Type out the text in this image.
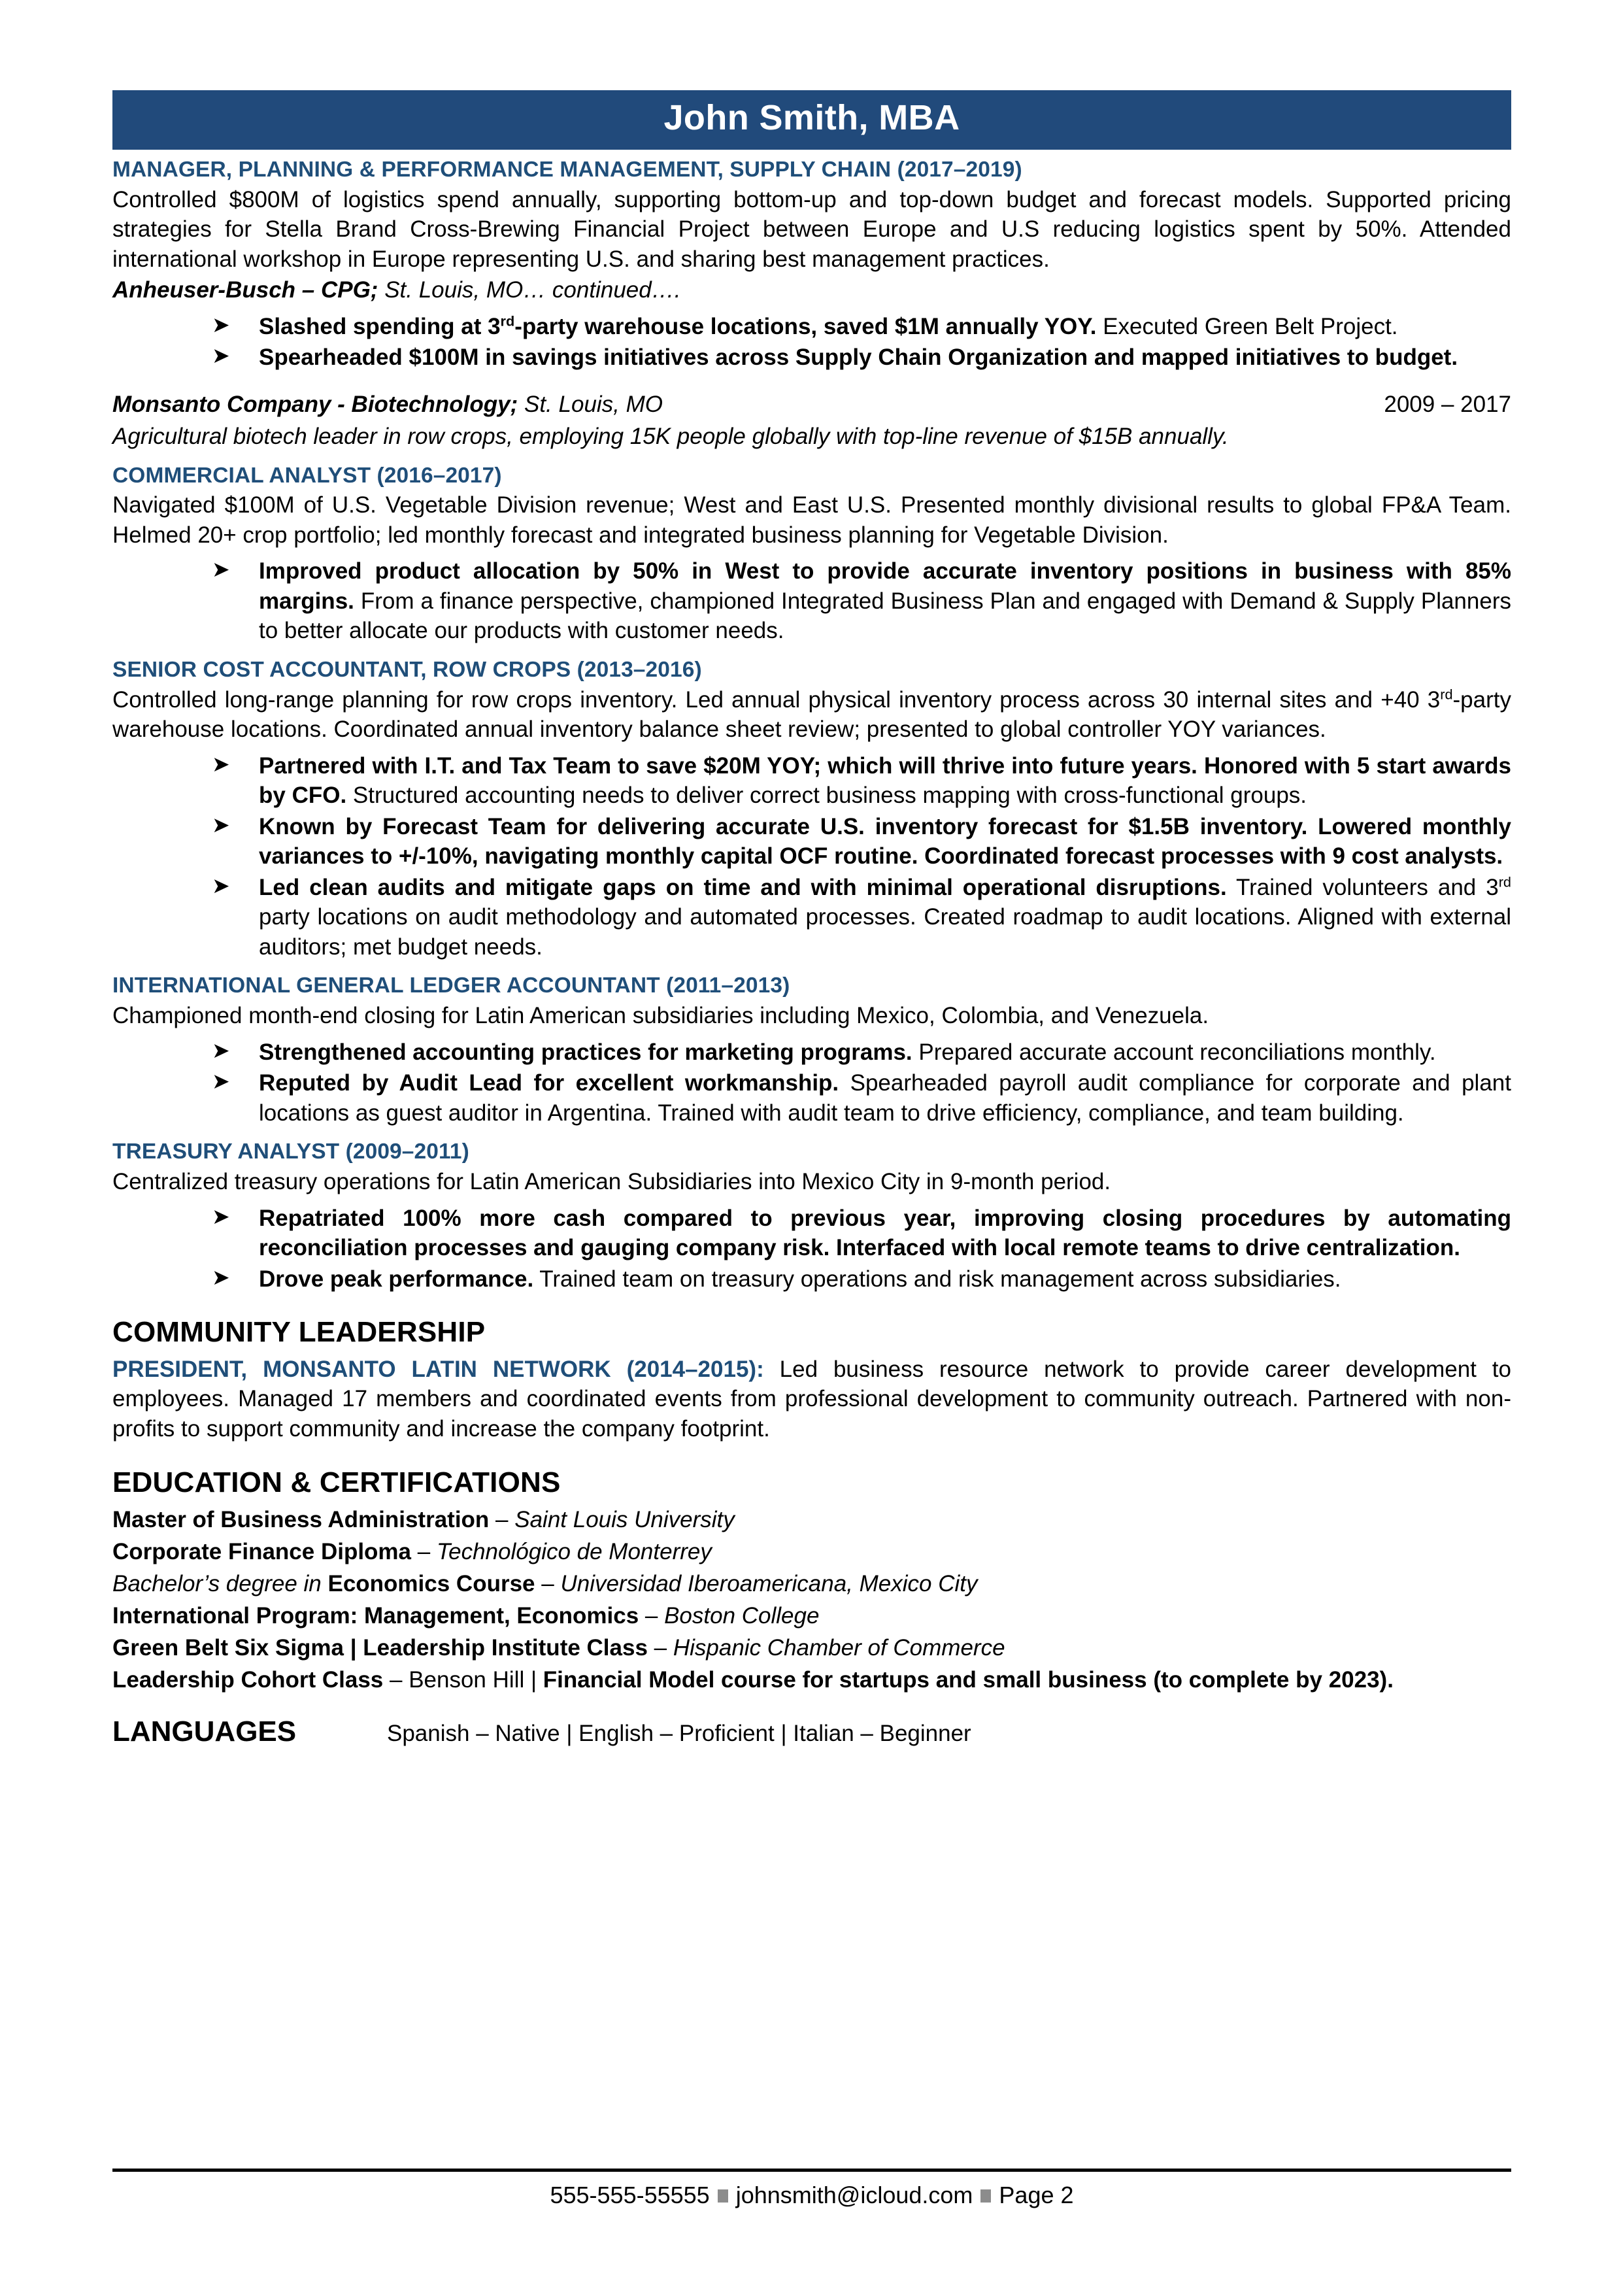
John Smith, MBA
MANAGER, PLANNING & PERFORMANCE MANAGEMENT, SUPPLY CHAIN (2017–2019)

Controlled $800M of logistics spend annually, supporting bottom-up and top-down budget and forecast models. Supported pricing strategies for Stella Brand Cross-Brewing Financial Project between Europe and U.S reducing logistics spent by 50%. Attended international workshop in Europe representing U.S. and sharing best management practices.

Anheuser-Busch – CPG; St. Louis, MO… continued….

➤ Slashed spending at 3rd-party warehouse locations, saved $1M annually YOY. Executed Green Belt Project.
➤ Spearheaded $100M in savings initiatives across Supply Chain Organization and mapped initiatives to budget.
Monsanto Company - Biotechnology; St. Louis, MO	2009 – 2017
Agricultural biotech leader in row crops, employing 15K people globally with top-line revenue of $15B annually.
COMMERCIAL ANALYST (2016–2017)

Navigated $100M of U.S. Vegetable Division revenue; West and East U.S. Presented monthly divisional results to global FP&A Team. Helmed 20+ crop portfolio; led monthly forecast and integrated business planning for Vegetable Division.

➤ Improved product allocation by 50% in West to provide accurate inventory positions in business with 85% margins. From a finance perspective, championed Integrated Business Plan and engaged with Demand & Supply Planners to better allocate our products with customer needs.
SENIOR COST ACCOUNTANT, ROW CROPS (2013–2016)

Controlled long-range planning for row crops inventory. Led annual physical inventory process across 30 internal sites and +40 3rd-party warehouse locations. Coordinated annual inventory balance sheet review; presented to global controller YOY variances.

➤ Partnered with I.T. and Tax Team to save $20M YOY; which will thrive into future years. Honored with 5 start awards by CFO. Structured accounting needs to deliver correct business mapping with cross-functional groups.
➤ Known by Forecast Team for delivering accurate U.S. inventory forecast for $1.5B inventory. Lowered monthly variances to +/-10%, navigating monthly capital OCF routine. Coordinated forecast processes with 9 cost analysts.
➤ Led clean audits and mitigate gaps on time and with minimal operational disruptions. Trained volunteers and 3rd party locations on audit methodology and automated processes. Created roadmap to audit locations. Aligned with external auditors; met budget needs.
INTERNATIONAL GENERAL LEDGER ACCOUNTANT (2011–2013)

Championed month-end closing for Latin American subsidiaries including Mexico, Colombia, and Venezuela.

➤ Strengthened accounting practices for marketing programs. Prepared accurate account reconciliations monthly.
➤ Reputed by Audit Lead for excellent workmanship. Spearheaded payroll audit compliance for corporate and plant locations as guest auditor in Argentina. Trained with audit team to drive efficiency, compliance, and team building.
TREASURY ANALYST (2009–2011)

Centralized treasury operations for Latin American Subsidiaries into Mexico City in 9-month period.

➤ Repatriated 100% more cash compared to previous year, improving closing procedures by automating reconciliation processes and gauging company risk. Interfaced with local remote teams to drive centralization.
➤ Drove peak performance. Trained team on treasury operations and risk management across subsidiaries.
COMMUNITY LEADERSHIP

PRESIDENT, MONSANTO LATIN NETWORK (2014–2015): Led business resource network to provide career development to employees. Managed 17 members and coordinated events from professional development to community outreach. Partnered with non-profits to support community and increase the company footprint.

EDUCATION & CERTIFICATIONS

Master of Business Administration – Saint Louis University

Corporate Finance Diploma – Technológico de Monterrey

Bachelor’s degree in Economics Course – Universidad Iberoamericana, Mexico City

International Program: Management, Economics – Boston College

Green Belt Six Sigma | Leadership Institute Class – Hispanic Chamber of Commerce

Leadership Cohort Class – Benson Hill | Financial Model course for startups and small business (to complete by 2023).

LANGUAGES	Spanish – Native | English – Proficient | Italian – Beginner
555-555-55555 johnsmith@icloud.com Page 2
